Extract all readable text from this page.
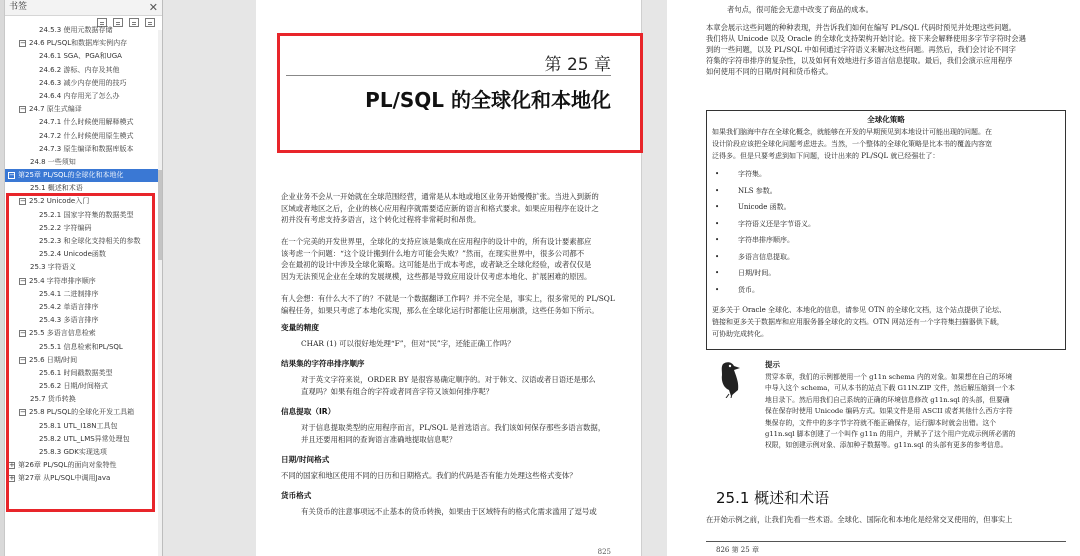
书签	✕
24.5.3 使用元数据存储
− 24.6 PL/SQL和数据库实例内存
24.6.1 SGA、PGA和UGA
24.6.2 游标、内存及其他
24.6.3 减少内存使用的技巧
24.6.4 内存用光了怎么办
− 24.7 原生式编译
24.7.1 什么时候使用解释模式
24.7.2 什么时候使用原生模式
24.7.3 原生编译和数据库版本
24.8 一些须知
− 第25章 PL/SQL的全球化和本地化
25.1 概述和术语
− 25.2 Unicode入门
25.2.1 国家字符集的数据类型
25.2.2 字符编码
25.2.3 和全球化支持相关的参数
25.2.4 Unicode函数
25.3 字符语义
− 25.4 字符串排序顺序
25.4.1 二进制排序
25.4.2 单语言排序
25.4.3 多语言排序
− 25.5 多语言信息检索
25.5.1 信息检索和PL/SQL
− 25.6 日期/时间
25.6.1 时间戳数据类型
25.6.2 日期/时间格式
25.7 货币转换
− 25.8 PL/SQL的全球化开发工具箱
25.8.1 UTL_I18N工具包
25.8.2 UTL_LMS异常处理包
25.8.3 GDK实现选项
+ 第26章 PL/SQL的面向对象特性
+ 第27章 从PL/SQL中调用Java
第 25 章
PL/SQL 的全球化和本地化
企业业务不会从一开始就在全球范围经营，通常是从本地或地区业务开始慢慢扩张。当进入到新的
区域或者地区之后，企业的核心应用程序就需要适应新的语言和格式要求。如果应用程序在设计之
初并没有考虑支持多语言，这个转化过程将非常耗时和昂贵。
在一个完美的开发世界里，全球化的支持应该是集成在应用程序的设计中的，所有设计要素都应
该考虑一个问题：“这个设计搬到什么地方可能会失败？”然而，在现实世界中，很多公司都不
会在最初的设计中涉及全球化策略。这可能是出于成本考虑，或者缺乏全球化经验，或者仅仅是
因为无法预见企业在全球的发展规模，这些都是导致应用设计仅考虑本地化、扩展困难的原因。
有人会想：有什么大不了的？不就是一个数据翻译工作吗？并不完全是，事实上，很多常见的 PL/SQL
编程任务，如果只考虑了本地化实现，那么在全球化运行时都能让应用崩溃，这些任务如下所示。
变量的精度
CHAR (1) 可以很好地处理“F”，但对“民”字，还能正确工作吗？
结果集的字符串排序顺序
对于英文字符来说，ORDER BY 是很容易确定顺序的。对于韩文、汉语或者日语还是那么
直观吗？如果有组合的字符或者同音字符又该如何排序呢？
信息提取（IR）
对于信息提取类型的应用程序而言，PL/SQL 是首选语言。我们该如何保存那些多语言数据，
并且还要用相同的查询语言准确地提取信息呢？
日期/时间格式
不同的国家和地区使用不同的日历和日期格式。我们的代码是否有能力处理这些格式变体？
货币格式
有关货币的注意事项远不止基本的货币转换，如果由于区域特有的格式化需求滥用了逗号或
825
者句点，很可能会无意中改变了商品的成本。
本章会展示这些问题的种种表现，并告诉我们如何在编写 PL/SQL 代码时预见并处理这些问题。
我们将从 Unicode 以及 Oracle 的全球化支持架构开始讨论。接下来会解释使用多字节字符时会遇
到的一些问题，以及 PL/SQL 中如何通过字符语义来解决这些问题。再然后，我们会讨论不同字
符集的字符串排序的复杂性，以及如何有效地进行多语言信息提取。最后，我们会演示应用程序
如何使用不同的日期/时间和货币格式。
全球化策略
如果我们脑海中存在全球化概念，就能够在开发的早期预见到本地设计可能出现的问题。在
设计阶段应该把全球化问题考虑进去。当然，一个整体的全球化策略是比本书的覆盖内容宽
泛得多。但是只要考虑到如下问题，设计出来的 PL/SQL 就已经强壮了：
字符集。
NLS 参数。
Unicode 函数。
字符语义还是字节语义。
字符串排序顺序。
多语言信息提取。
日期/时间。
货币。
更多关于 Oracle 全球化、本地化的信息，请参见 OTN 的全球化文档，这个站点提供了论坛、
链接和更多关于数据库和应用服务器全球化的文档。OTN 网站还有一个字符集扫描器供下载，
可协助完成转化。
提示
贯穿本章，我们的示例都使用一个 g11n schema 内的对象。如果想在自己的环境
中导入这个 schema，可从本书的站点下载 G11N.ZIP 文件，然后解压缩到一个本
地目录下。然后用我们自己系统的正确的环境信息修改 g11n.sql 的头部，但要确
保在保存时使用 Unicode 编码方式。如果文件是用 ASCII 或者其他什么西方字符
集保存的，文件中的多字节字符就不能正确保存，运行脚本时就会出错。这个
g11n.sql 脚本创建了一个叫作 g11n 的用户，并赋予了这个用户完成示例所必需的
权限，如创建示例对象、添加种子数据等。g11n.sql 的头部有更多的参考信息。
25.1 概述和术语
在开始示例之前，让我们先看一些术语。全球化、国际化和本地化是经常交叉使用的，但事实上
826 第 25 章
